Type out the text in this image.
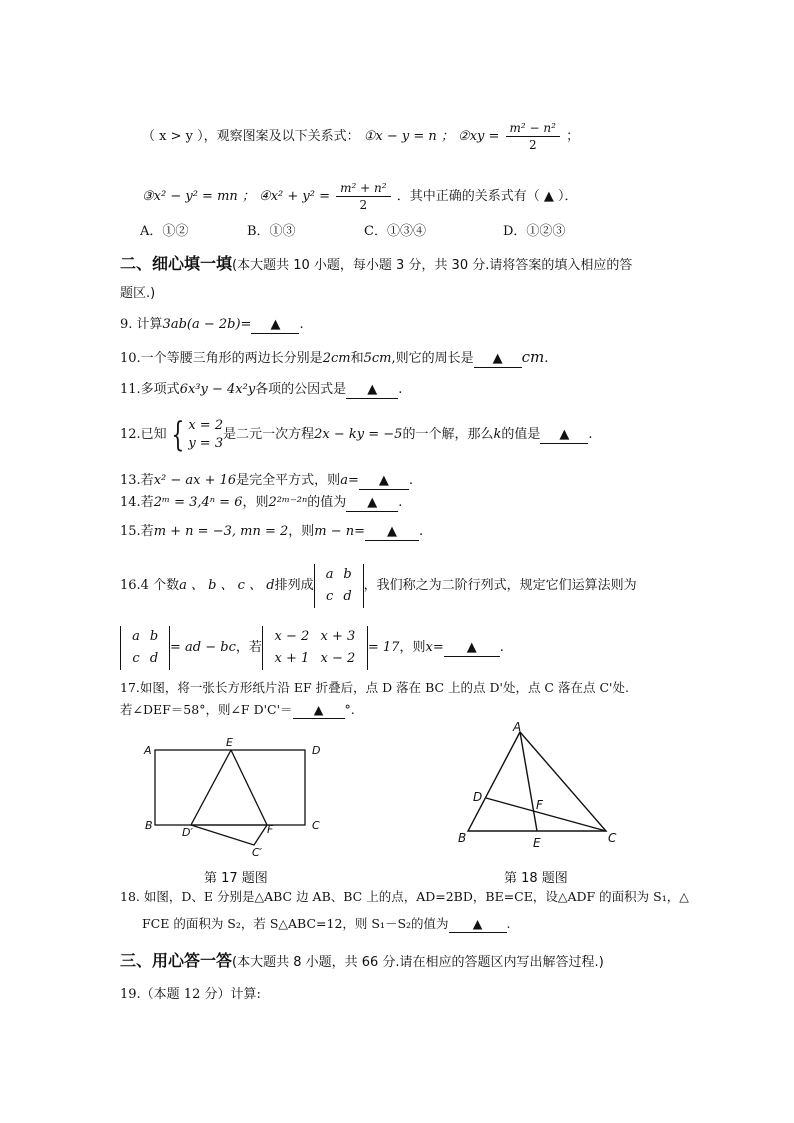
（ x > y ），观察图案及以下关系式： ①x − y = n ； ②xy = $\frac{\text{m² − n²}}{2}$ ；
③x² − y² = mn ； ④x² + $y^2 = \frac{\text{m² + n²}}{2}$ ．其中正确的关系式有（ ▲ ）．
A．①②	B．①③	C．①③④	D．①②③
二、细心填一填(本大题共 10 小题，每小题 3 分，共 30 分.请将答案的填入相应的答
题区.)
9. 计算3ab(a − 2b)= ▲ .
10.一个等腰三角形的两边长分别是2cm和5cm,则它的周长是 ▲ cm.
11.多项式6x³y − 4x²y各项的公因式是 ▲ .
12.已知 { x = 2
y = 3
是二元一次方程2x − ky = −5的一个解，那么k的值是 ▲ .
13.若x² − ax + 16是完全平方式，则a= ▲ .
14.若2ᵐ = 3,4ⁿ = 6，则2²ᵐ⁻²ⁿ的值为 ▲ .
15.若m + n = −3, mn = 2，则m − n= ▲ .
16.4 个数a 、 b 、 c 、 d排列成a b
c d，我们称之为二阶行列式，规定它们运算法则为
a b
c d= ad − bc，若x − 2 x + 3
x + 1 x − 2= 17，则x= ▲ .
17.如图，将一张长方形纸片沿 EF 折叠后，点 D 落在 BC 上的点 D'处，点 C 落在点 C'处.
若∠DEF＝58°，则∠F D'C'＝ ▲ °.
A
E
D
B
D′	F	C
C′
第 17 题图
A
D
F
B	E	C
第 18 题图
18. 如图，D、E 分别是△ABC 边 AB、BC 上的点，AD=2BD，BE=CE，设△ADF 的面积为 S₁，△
FCE 的面积为 S₂，若 S△ABC=12，则 S₁－S₂的值为 ▲ .
三、用心答一答(本大题共 8 小题，共 66 分.请在相应的答题区内写出解答过程.)
19.（本题 12 分）计算:
